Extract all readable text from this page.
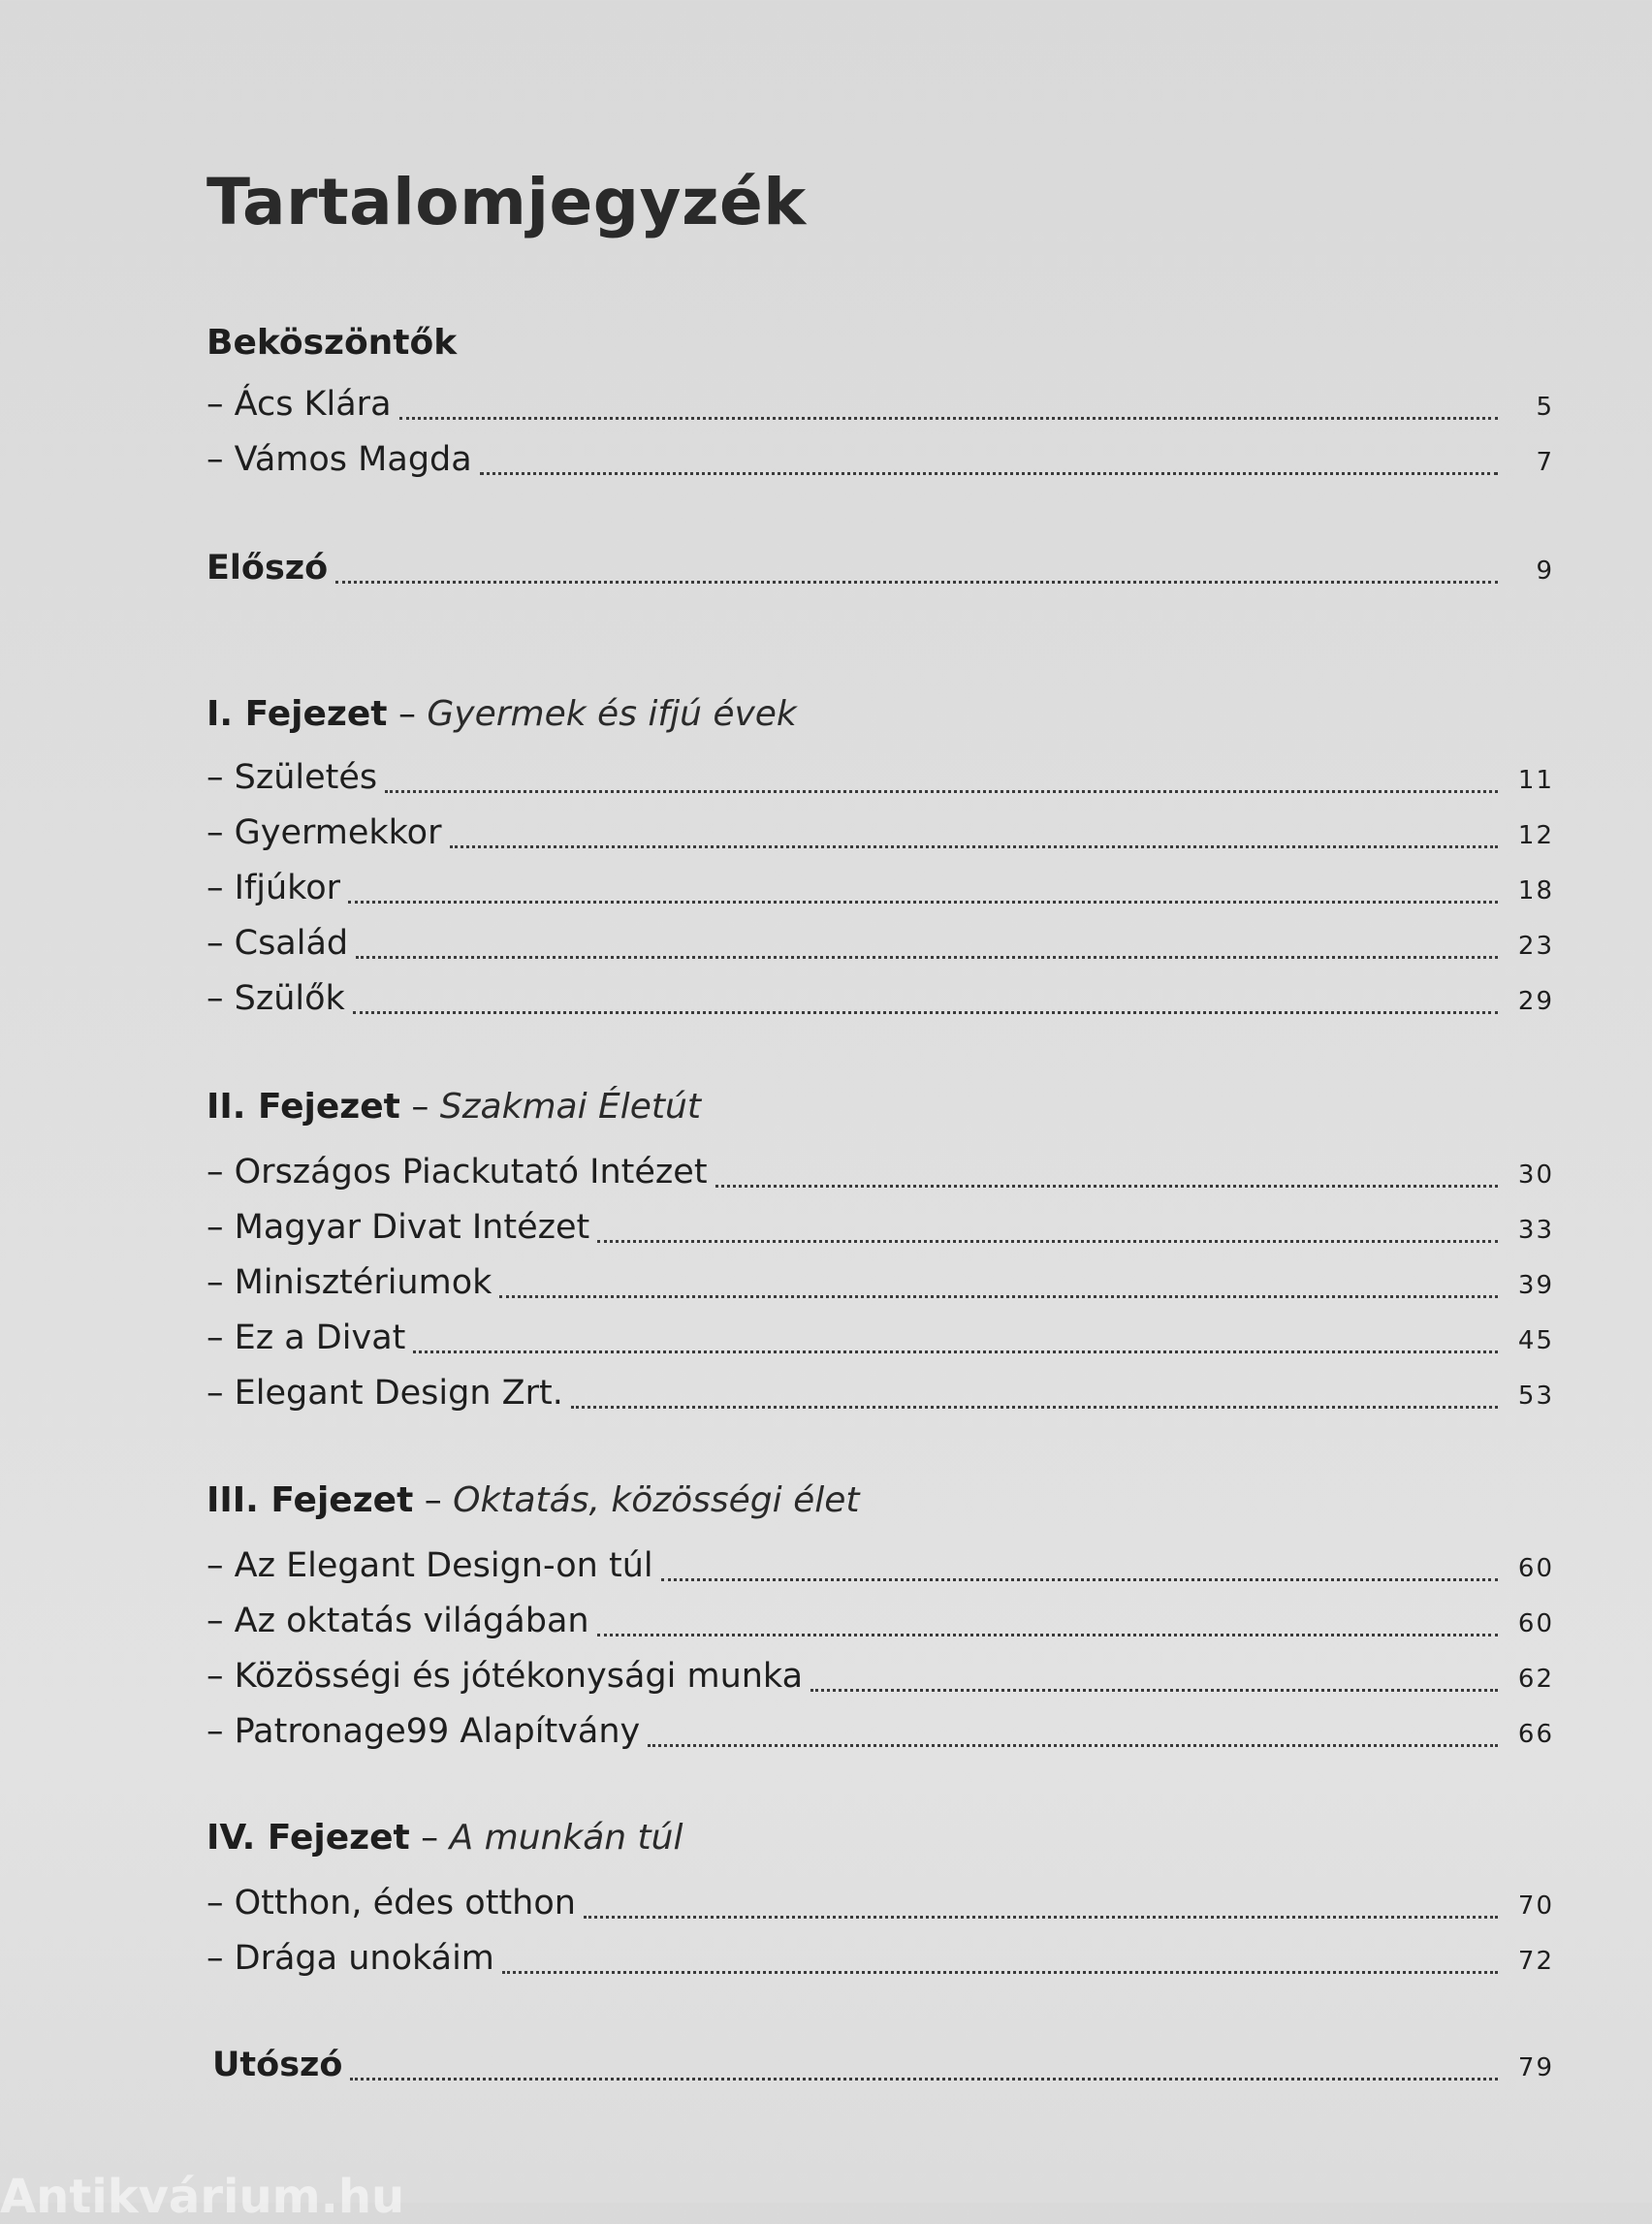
Tartalomjegyzék
Beköszöntők
– Ács Klára	5
– Vámos Magda	7
Előszó	9
I. Fejezet – Gyermek és ifjú évek
– Születés	11
– Gyermekkor	12
– Ifjúkor	18
– Család	23
– Szülők	29
II. Fejezet – Szakmai Életút
– Országos Piackutató Intézet	30
– Magyar Divat Intézet	33
– Minisztériumok	39
– Ez a Divat	45
– Elegant Design Zrt.	53
III. Fejezet – Oktatás, közösségi élet
– Az Elegant Design-on túl	60
– Az oktatás világában	60
– Közösségi és jótékonysági munka	62
– Patronage99 Alapítvány	66
IV. Fejezet – A munkán túl
– Otthon, édes otthon	70
– Drága unokáim	72
Utószó	79
Antikvárium.hu
